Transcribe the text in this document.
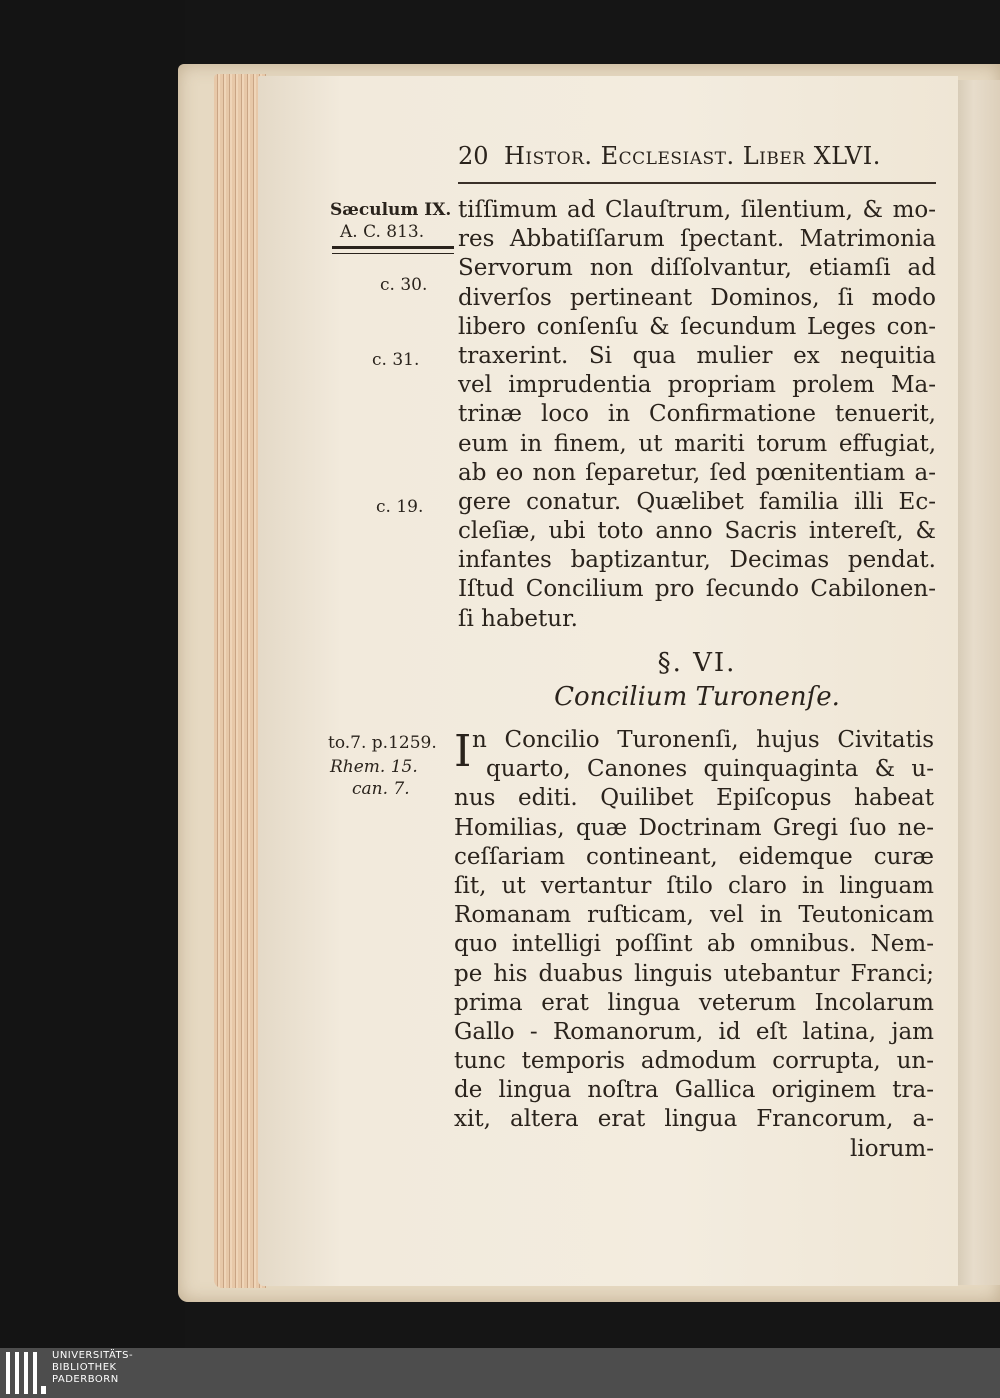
20 Histor. Ecclesiast. Liber XLVI.
Sæculum IX.
A. C. 813.
c. 30.
c. 31.
c. 19.
to.7. p.1259.
Rhem. 15.
can. 7.
tiſſimum ad Clauſtrum, ſilentium, & mo-
res Abbatiſſarum ſpectant. Matrimonia
Servorum non diſſolvantur, etiamſi ad
diverſos pertineant Dominos, ſi modo
libero conſenſu & ſecundum Leges con-
traxerint. Si qua mulier ex nequitia
vel imprudentia propriam prolem Ma-
trinæ loco in Confirmatione tenuerit,
eum in finem, ut mariti torum effugiat,
ab eo non ſeparetur, ſed pœnitentiam a-
gere conatur. Quælibet familia illi Ec-
cleſiæ, ubi toto anno Sacris intereſt, &
infantes baptizantur, Decimas pendat.
Iſtud Concilium pro ſecundo Cabilonen-
ſi habetur.
§. VI.
Concilium Turonenſe.
I n Concilio Turonenſi, hujus Civitatis
quarto, Canones quinquaginta & u-
nus editi. Quilibet Epiſcopus habeat
Homilias, quæ Doctrinam Gregi ſuo ne-
ceſſariam contineant, eidemque curæ
ſit, ut vertantur ſtilo claro in linguam
Romanam ruſticam, vel in Teutonicam
quo intelligi poſſint ab omnibus. Nem-
pe his duabus linguis utebantur Franci;
prima erat lingua veterum Incolarum
Gallo - Romanorum, id eſt latina, jam
tunc temporis admodum corrupta, un-
de lingua noſtra Gallica originem tra-
xit, altera erat lingua Francorum, a-
liorum-
UNIVERSITÄTS-
BIBLIOTHEK
PADERBORN
